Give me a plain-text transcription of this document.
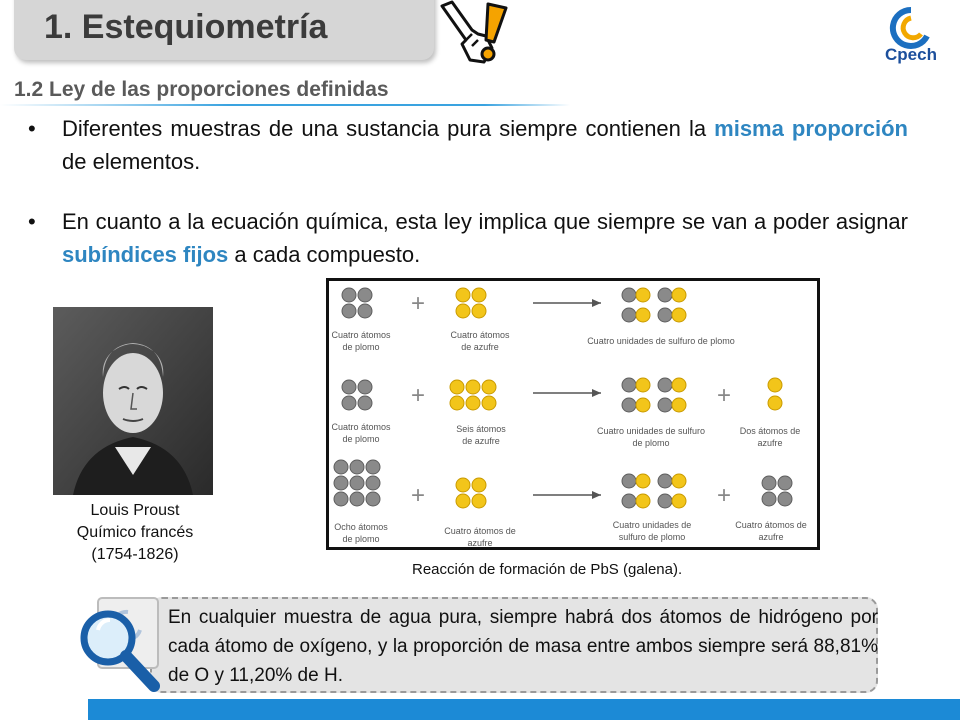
1. Estequiometría
Cpech
1.2 Ley de las proporciones definidas
• Diferentes muestras de una sustancia pura siempre contienen la misma proporción de elementos.
• En cuanto a la ecuación química, esta ley implica que siempre se van a poder asignar subíndices fijos a cada compuesto.
Louis Proust
Químico francés
(1754-1826)
+
+	+
+	+
Cuatro átomos de plomo
Cuatro átomos de azufre
Cuatro unidades de sulfuro de plomo
Cuatro átomos de plomo
Seis átomos de azufre
Cuatro unidades de sulfuro de plomo
Dos átomos de azufre
Ocho átomos de plomo
Cuatro átomos de azufre
Cuatro unidades de sulfuro de plomo
Cuatro átomos de azufre
Reacción de formación de PbS (galena).
En cualquier muestra de agua pura, siempre habrá dos átomos de hidrógeno por cada átomo de oxígeno, y la proporción de masa entre ambos siempre será 88,81% de O y 11,20% de H.
